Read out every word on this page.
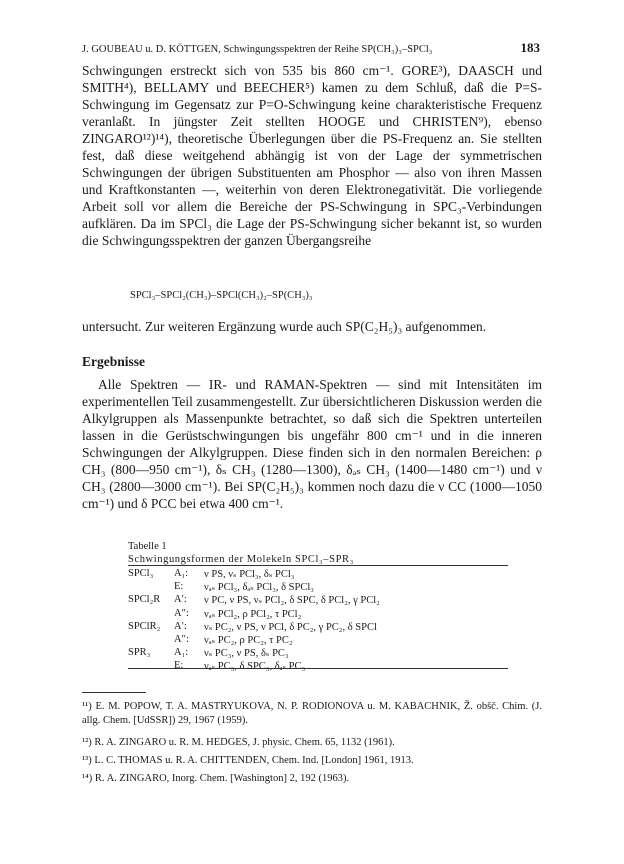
J. GOUBEAU u. D. KÖTTGEN, Schwingungsspektren der Reihe SP(CH₃)₃–SPCl₃	183
Schwingungen erstreckt sich von 535 bis 860 cm⁻¹. GORE³), DAASCH und SMITH⁴), BELLAMY und BEECHER⁵) kamen zu dem Schluß, daß die P=S-Schwingung im Gegensatz zur P=O-Schwingung keine charakteristische Frequenz veranlaßt. In jüngster Zeit stellten HOOGE und CHRISTEN⁹), ebenso ZINGARO¹²)¹⁴), theoretische Überlegungen über die PS-Frequenz an. Sie stellten fest, daß diese weitgehend abhängig ist von der Lage der symmetrischen Schwingungen der übrigen Substituenten am Phosphor — also von ihren Massen und Kraftkonstanten —, weiterhin von deren Elektronegativität. Die vorliegende Arbeit soll vor allem die Bereiche der PS-Schwingung in SPC₃-Verbindungen aufklären. Da im SPCl₃ die Lage der PS-Schwingung sicher bekannt ist, so wurden die Schwingungsspektren der ganzen Übergangsreihe
SPCl₃–SPCl₂(CH₃)–SPCl(CH₃)₂–SP(CH₃)₃
untersucht. Zur weiteren Ergänzung wurde auch SP(C₂H₅)₃ aufgenommen.
Ergebnisse
Alle Spektren — IR- und RAMAN-Spektren — sind mit Intensitäten im experimentellen Teil zusammengestellt. Zur übersichtlicheren Diskussion werden die Alkylgruppen als Massenpunkte betrachtet, so daß sich die Spektren unterteilen lassen in die Gerüstschwingungen bis ungefähr 800 cm⁻¹ und in die inneren Schwingungen der Alkylgruppen. Diese finden sich in den normalen Bereichen: ρ CH₃ (800—950 cm⁻¹), δₛ CH₃ (1280—1300), δₐₛ CH₃ (1400—1480 cm⁻¹) und ν CH₃ (2800—3000 cm⁻¹). Bei SP(C₂H₅)₃ kommen noch dazu die ν CC (1000—1050 cm⁻¹) und δ PCC bei etwa 400 cm⁻¹.
Tabelle 1
Schwingungsformen der Molekeln SPCl₃–SPR₃
SPCl₃	A₁:	ν PS, νₛ PCl₃, δₛ PCl₃
	E:	νₐₛ PCl₃, δₐₛ PCl₃, δ SPCl₃
SPCl₂R	A′:	ν PC, ν PS, νₛ PCl₂, δ SPC, δ PCl₂, γ PCl₂
	A″:	νₐₛ PCl₂, ρ PCl₂, τ PCl₂
SPClR₂	A′:	νₛ PC₂, ν PS, ν PCl, δ PC₂, γ PC₂, δ SPCl
	A″:	νₐₛ PC₂, ρ PC₂, τ PC₂
SPR₃	A₁:	νₛ PC₃, ν PS, δₛ PC₃
	E:	νₐₛ PC₃, δ SPC₃, δₐₛ PC₃
¹¹) E. M. POPOW, T. A. MASTRYUKOVA, N. P. RODIONOVA u. M. KABACHNIK, Ž. obšč. Chim. (J. allg. Chem. [UdSSR]) 29, 1967 (1959).
¹²) R. A. ZINGARO u. R. M. HEDGES, J. physic. Chem. 65, 1132 (1961).
¹³) L. C. THOMAS u. R. A. CHITTENDEN, Chem. Ind. [London] 1961, 1913.
¹⁴) R. A. ZINGARO, Inorg. Chem. [Washington] 2, 192 (1963).
